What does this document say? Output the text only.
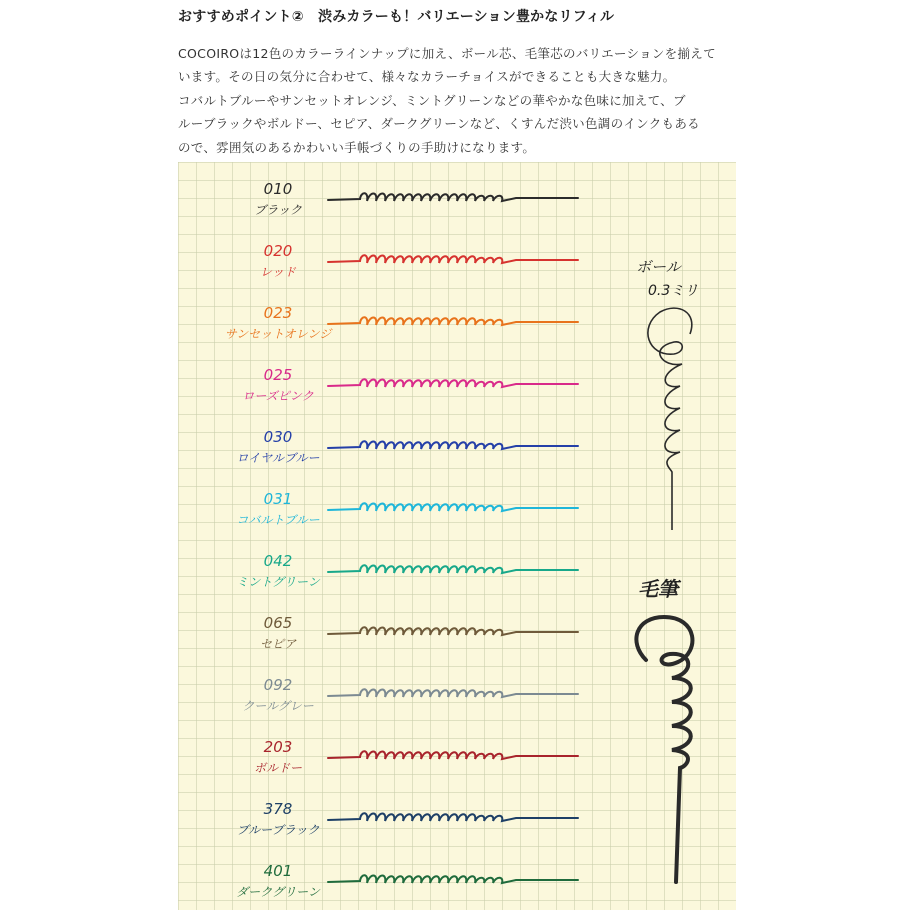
おすすめポイント②　渋みカラーも！バリエーション豊かなリフィル

COCOIROは12色のカラーラインナップに加え、ボール芯、毛筆芯のバリエーションを揃えて

います。その日の気分に合わせて、様々なカラーチョイスができることも大きな魅力。

コバルトブルーやサンセットオレンジ、ミントグリーンなどの華やかな色味に加えて、ブ

ルーブラックやボルドー、セピア、ダークグリーンなど、くすんだ渋い色調のインクもある

ので、雰囲気のあるかわいい手帳づくりの手助けになります。

010
ブラック
020
レッド
023
サンセットオレンジ
025
ローズピンク
030
ロイヤルブルー
031
コバルトブルー
042
ミントグリーン
065
セピア
092
クールグレー
203
ボルドー
378
ブルーブラック
401
ダークグリーン
ボール
0.3ミリ
毛筆
